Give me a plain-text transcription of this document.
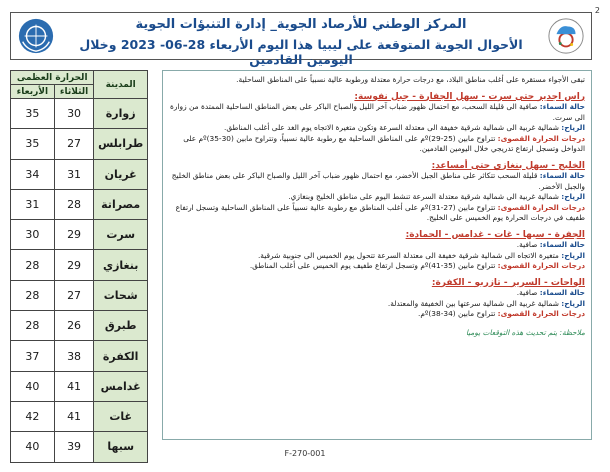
2
المركز الوطني للأرصاد الجوية_ إدارة التنبؤات الجوية
الأحوال الجوية المتوقعة على ليبيا هذا اليوم الأربعاء 28-06- 2023 وخلال اليومين القادمين
المدينة	الحرارة العظمى	
	الثلاثاء	الأربعاء
زوارة	30	35
طرابلس	27	35
غريان	31	34
مصراتة	28	31
سرت	29	30
بنغازي	29	28
شحات	27	28
طبرق	26	28
الكفرة	38	37
غدامس	41	40
غات	41	42
سبها	39	40

تبقى الأجواء مستقرة على أغلب مناطق البلاد، مع درجات حرارة معتدلة ورطوبة عالية نسبياً على المناطق الساحلية.

راس اجدير حتى سرت - سهل الجفارة - جبل نفوسة:

حالة السماء: صافية الى قليلة السحب، مع احتمال ظهور ضباب آخر الليل والصباح الباكر على بعض المناطق الساحلية الممتدة من زوارة الى سرت.

الرياح: شمالية غربية الى شمالية شرقية خفيفة الى معتدلة السرعة وتكون متغيرة الاتجاه يوم الغد على أغلب المناطق.

درجات الحرارة القصوى: تتراوح مابين (25-29)ºم على المناطق الساحلية مع رطوبة عالية نسبياً، وتتراوح مابين (30-35)ºم على الدواخل وتسجل ارتفاع تدريجي خلال اليومين القادمين.

الخليج - سهل بنغازي حتى أمساعد:

حالة السماء: قليلة السحب تتكاثر على مناطق الجبل الأخضر، مع احتمال ظهور ضباب آخر الليل والصباح الباكر على بعض مناطق الخليج والجبل الأخضر.

الرياح: شمالية غربية الى شمالية شرقية معتدلة السرعة تنشط اليوم على مناطق الخليج وبنغازي.

درجات الحرارة القصوى: تتراوح مابين (27-31)ºم على أغلب المناطق مع رطوبة عالية نسبياً على المناطق الساحلية وتسجل ارتفاع طفيف في درجات الحرارة يوم الخميس على الخليج.

الجفرة - سبها - غات - غدامس - الحمادة:

حالة السماء: صافية.

الرياح: متغيرة الاتجاه الى شمالية شرقية خفيفة الى معتدلة السرعة تتحول يوم الخميس الى جنوبية شرقية.

درجات الحرارة القصوى: تتراوح مابين (35-41)ºم وتسجل ارتفاع طفيف يوم الخميس على أغلب المناطق.

الواحات - السرير - تازربو - الكفرة:

حالة السماء: صافية.

الرياح: شمالية غربية الى شمالية سرعتها بين الخفيفة والمعتدلة.

درجات الحرارة القصوى: تتراوح مابين (34-38)ºم.

ملاحظة: يتم تحديث هذه التوقعات يوميا

F-270-001
